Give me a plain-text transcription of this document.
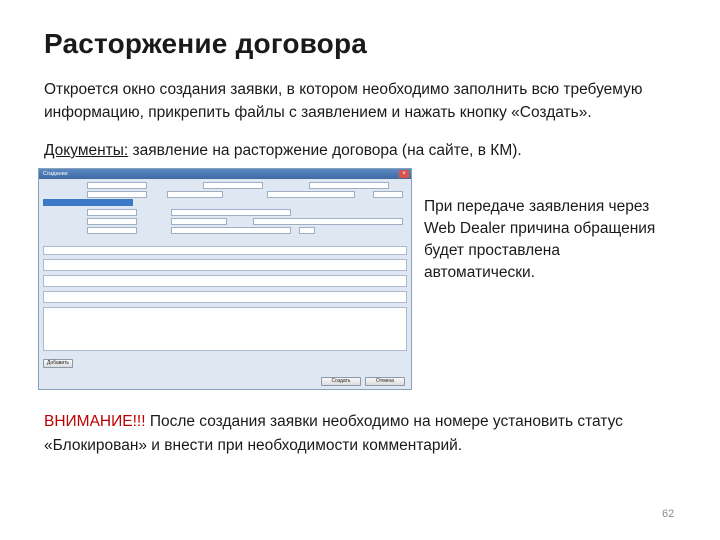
Расторжение договора
Откроется окно создания заявки, в котором необходимо заполнить всю требуемую информацию, прикрепить файлы с заявлением и нажать кнопку «Создать».
Документы: заявление на расторжение договора (на сайте, в КМ).
Создание	×
Добавить
Создать	Отмена
При передаче заявления через Web Dealer причина обращения будет проставлена автоматически.
ВНИМАНИЕ!!! После создания заявки необходимо на номере установить статус «Блокирован» и внести при необходимости комментарий.
62
